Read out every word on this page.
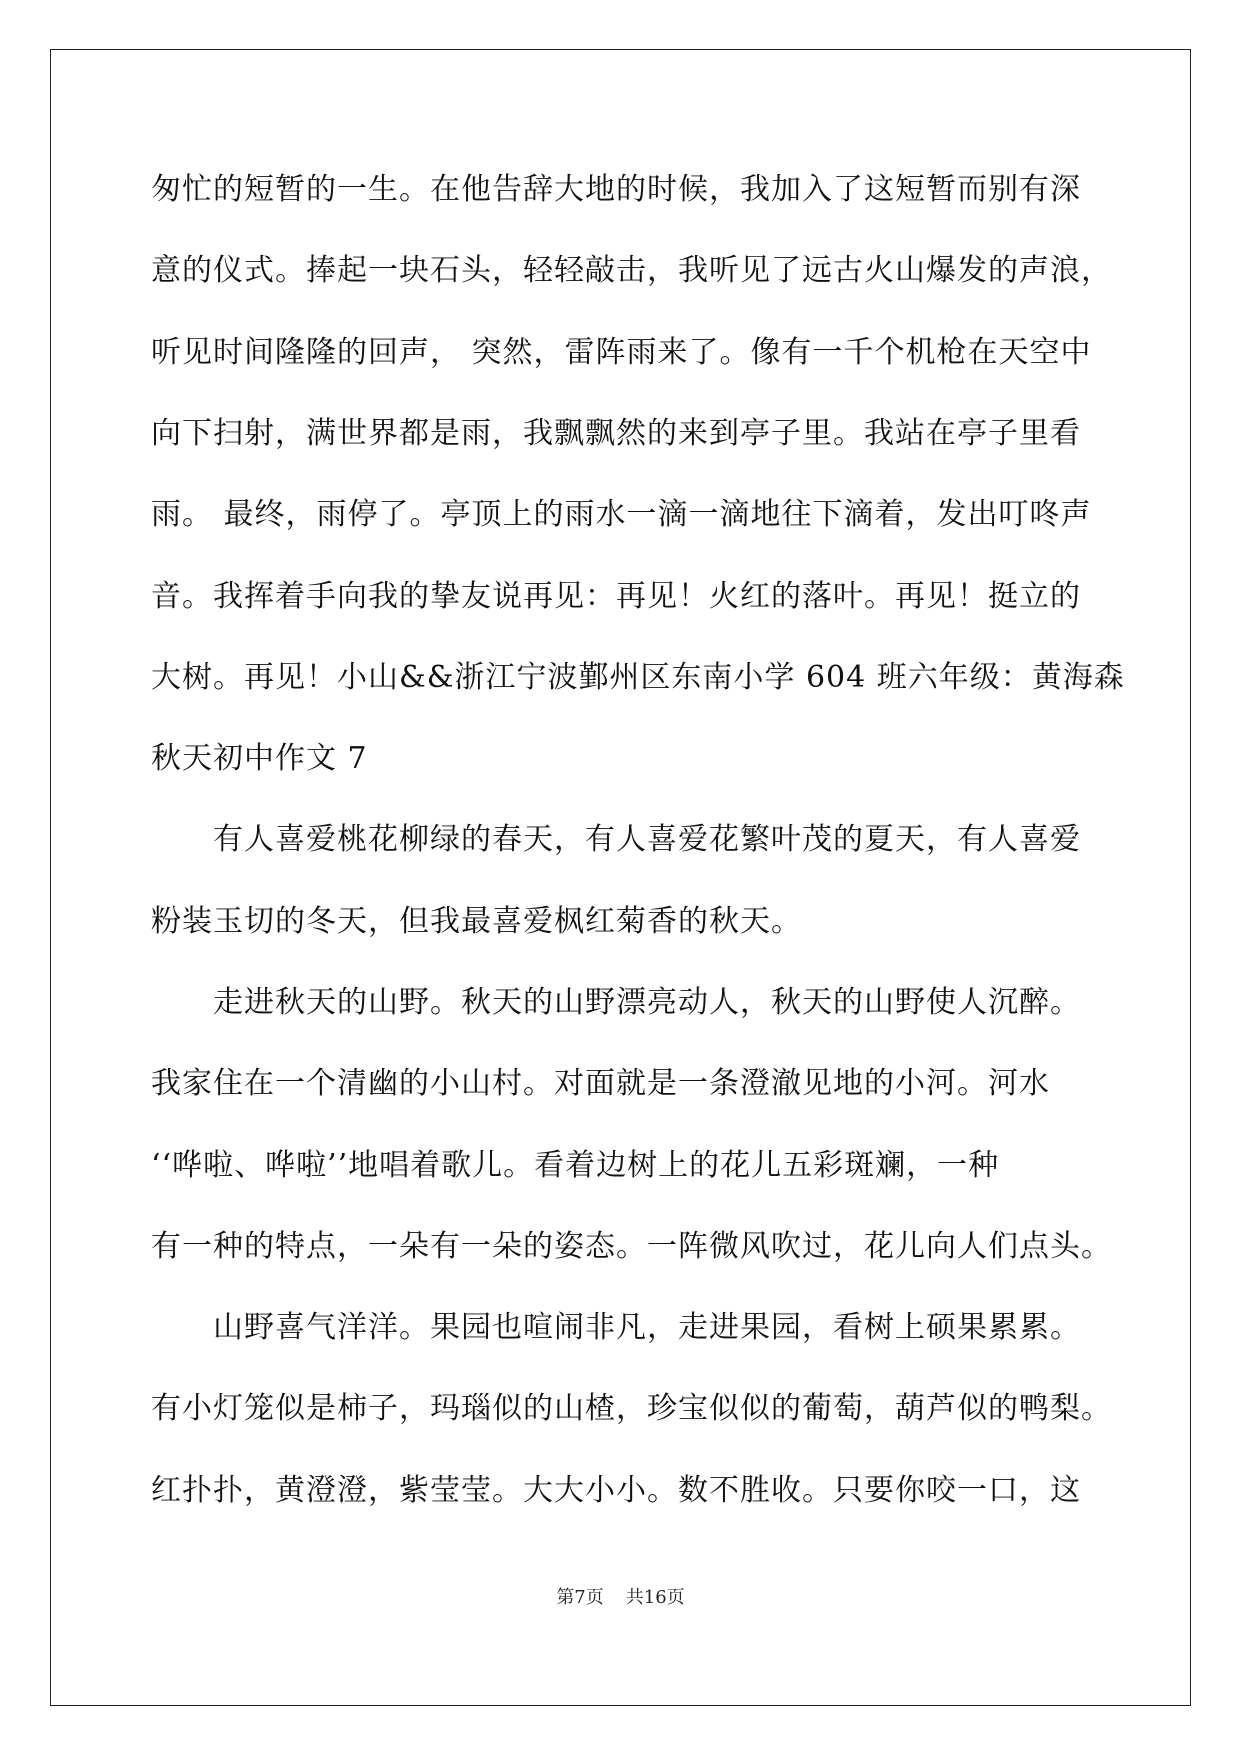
匆忙的短暂的一生。在他告辞大地的时候，我加入了这短暂而别有深
意的仪式。捧起一块石头，轻轻敲击，我听见了远古火山爆发的声浪，
听见时间隆隆的回声， 突然，雷阵雨来了。像有一千个机枪在天空中
向下扫射，满世界都是雨，我飘飘然的来到亭子里。我站在亭子里看
雨。 最终，雨停了。亭顶上的雨水一滴一滴地往下滴着，发出叮咚声
音。我挥着手向我的挚友说再见：再见！火红的落叶。再见！挺立的
大树。再见！小山&&浙江宁波鄞州区东南小学 604 班六年级：黄海森
秋天初中作文 7
　　有人喜爱桃花柳绿的春天，有人喜爱花繁叶茂的夏天，有人喜爱
粉装玉切的冬天，但我最喜爱枫红菊香的秋天。
　　走进秋天的山野。秋天的山野漂亮动人，秋天的山野使人沉醉。
我家住在一个清幽的小山村。对面就是一条澄澈见地的小河。河水
‘‘哗啦、哗啦’’地唱着歌儿。看着边树上的花儿五彩斑斓，一种
有一种的特点，一朵有一朵的姿态。一阵微风吹过，花儿向人们点头。
　　山野喜气洋洋。果园也喧闹非凡，走进果园，看树上硕果累累。
有小灯笼似是柿子，玛瑙似的山楂，珍宝似似的葡萄，葫芦似的鸭梨。
红扑扑，黄澄澄，紫莹莹。大大小小。数不胜收。只要你咬一口，这
第7页 共16页
